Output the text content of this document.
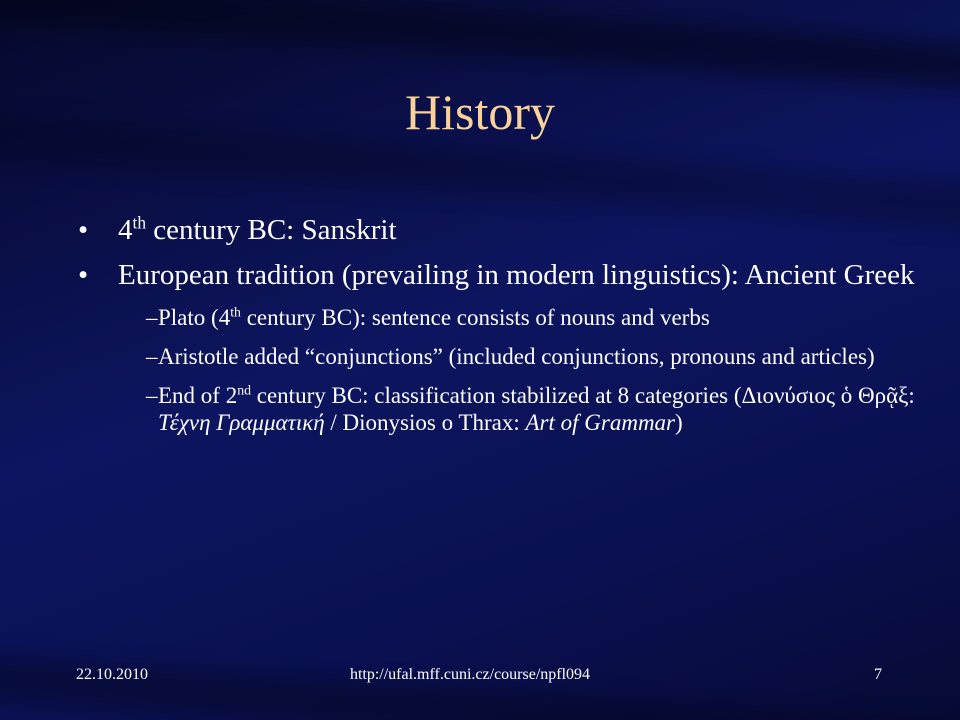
History
• 4th century BC: Sanskrit
• European tradition (prevailing in modern linguistics): Ancient Greek
– Plato (4th century BC): sentence consists of nouns and verbs
– Aristotle added “conjunctions” (included conjunctions, pronouns and articles)
– End of 2nd century BC: classification stabilized at 8 categories (Διονύσιος ὁ Θρᾷξ: Τέχνη Γραμματική / Dionysios o Thrax: Art of Grammar)
22.10.2010	http://ufal.mff.cuni.cz/course/npfl094	7
